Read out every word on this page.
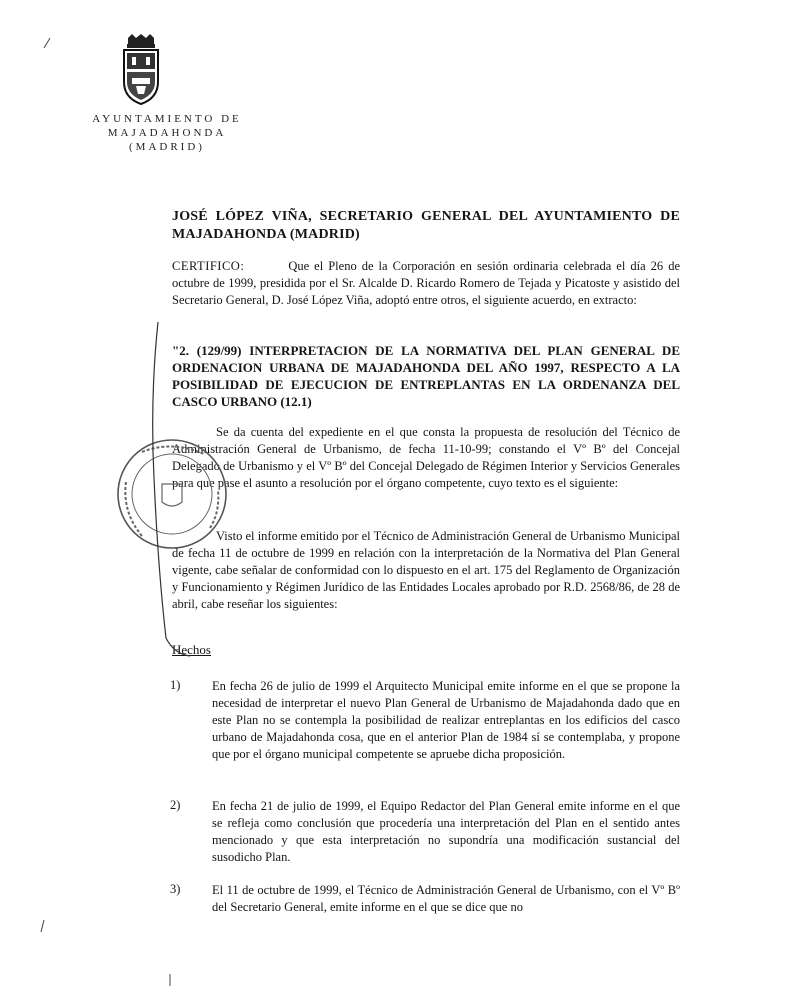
AYUNTAMIENTO DE
MAJADAHONDA
(MADRID)
JOSÉ LÓPEZ VIÑA, SECRETARIO GENERAL DEL AYUNTAMIENTO DE MAJADAHONDA (MADRID)
CERTIFICO:	Que el Pleno de la Corporación en sesión ordinaria celebrada el día 26 de octubre de 1999, presidida por el Sr. Alcalde D. Ricardo Romero de Tejada y Picatoste y asistido del Secretario General, D. José López Viña, adoptó entre otros, el siguiente acuerdo, en extracto:
"2. (129/99) INTERPRETACION DE LA NORMATIVA DEL PLAN GENERAL DE ORDENACION URBANA DE MAJADAHONDA DEL AÑO 1997, RESPECTO A LA POSIBILIDAD DE EJECUCION DE ENTREPLANTAS EN LA ORDENANZA DEL CASCO URBANO (12.1)
Se da cuenta del expediente en el que consta la propuesta de resolución del Técnico de Administración General de Urbanismo, de fecha 11-10-99; constando el Vº Bº del Concejal Delegado de Urbanismo y el Vº Bº del Concejal Delegado de Régimen Interior y Servicios Generales para que pase el asunto a resolución por el órgano competente, cuyo texto es el siguiente:
Visto el informe emitido por el Técnico de Administración General de Urbanismo Municipal de fecha 11 de octubre de 1999 en relación con la interpretación de la Normativa del Plan General vigente, cabe señalar de conformidad con lo dispuesto en el art. 175 del Reglamento de Organización y Funcionamiento y Régimen Jurídico de las Entidades Locales aprobado por R.D. 2568/86, de 28 de abril, cabe reseñar los siguientes:
Hechos
1)	En fecha 26 de julio de 1999 el Arquitecto Municipal emite informe en el que se propone la necesidad de interpretar el nuevo Plan General de Urbanismo de Majadahonda dado que en este Plan no se contempla la posibilidad de realizar entreplantas en los edificios del casco urbano de Majadahonda cosa, que en el anterior Plan de 1984 sí se contemplaba, y propone que por el órgano municipal competente se apruebe dicha proposición.
2)	En fecha 21 de julio de 1999, el Equipo Redactor del Plan General emite informe en el que se refleja como conclusión que procedería una interpretación del Plan en el sentido antes mencionado y que esta interpretación no supondría una modificación sustancial del susodicho Plan.
3)	El 11 de octubre de 1999, el Técnico de Administración General de Urbanismo, con el Vº Bº del Secretario General, emite informe en el que se dice que no
